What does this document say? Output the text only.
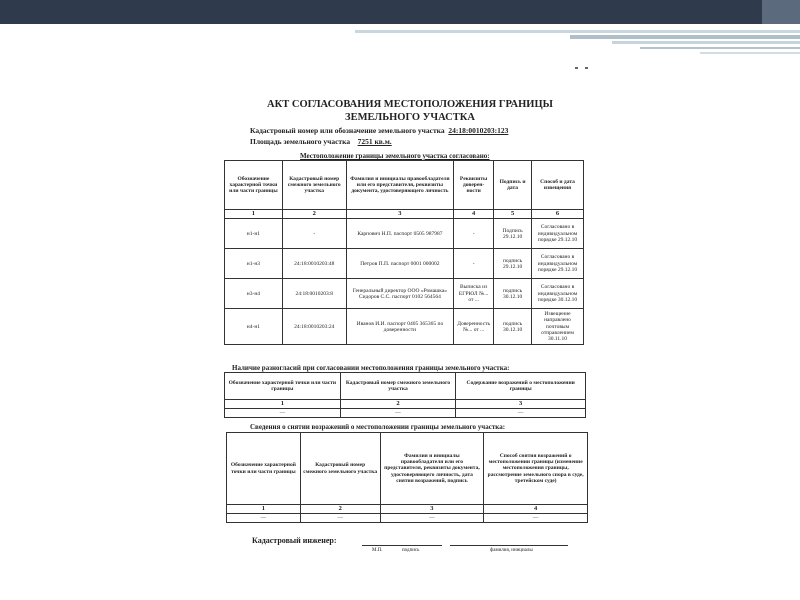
АКТ СОГЛАСОВАНИЯ МЕСТОПОЛОЖЕНИЯ ГРАНИЦЫ
ЗЕМЕЛЬНОГО УЧАСТКА
Кадастровый номер или обозначение земельного участка 24:18:0010203:123
Площадь земельного участка 7251 кв.м.
Местоположение границы земельного участка согласовано:
Обозначение характерной точки или части границы	Кадастровый номер смежного земельного участка	Фамилия и инициалы правообладателя или его представителя, реквизиты документа, удостоверяющего личность	Реквизиты доверен-ности	Подпись и дата	Способ и дата извещения
1	2	3	4	5	6
н1-н1	-	Карпович Н.П. паспорт 0505 987987	-	Подпись 29.12.10	Согласовано в индивидуальном порядке 29.12.10
н1-н3	24:18:0010203:48	Петров П.П. паспорт 0001 000002	-	подпись 29.12.10	Согласовано в индивидуальном порядке 29.12.10
н3-н4	24:18:0010203:8	Генеральный директор ООО «Ромашка» Сидоров С.С. паспорт 0102 564564	Выписка из ЕГРЮЛ №... от ...	подпись 30.12.10	Согласовано в индивидуальном порядке 30.12.10
н4-н1	24:18:0010203:24	Иванов И.И. паспорт 0405 365365 по доверенности	Доверенность №... от ...	подпись 30.12.10	Извещение направлено почтовым отправлением 30.11.10
Наличие разногласий при согласовании местоположения границы земельного участка:
Обозначение характерной точки или части границы	Кадастровый номер смежного земельного участка	Содержание возражений о местоположении границы
1	2	3
—	—	—
Сведения о снятии возражений о местоположении границы земельного участка:
Обозначение характерной точки или части границы	Кадастровый номер смежного земельного участка	Фамилия и инициалы правообладателя или его представителя, реквизиты документа, удостоверяющего личность, дата снятия возражений, подпись	Способ снятия возражений о местоположении границы (изменение местоположения границы, рассмотрение земельного спора в суде, третейском суде)
1	2	3	4
—	—	—	—
Кадастровый инженер:
М.П.	подпись	фамилия, инициалы
